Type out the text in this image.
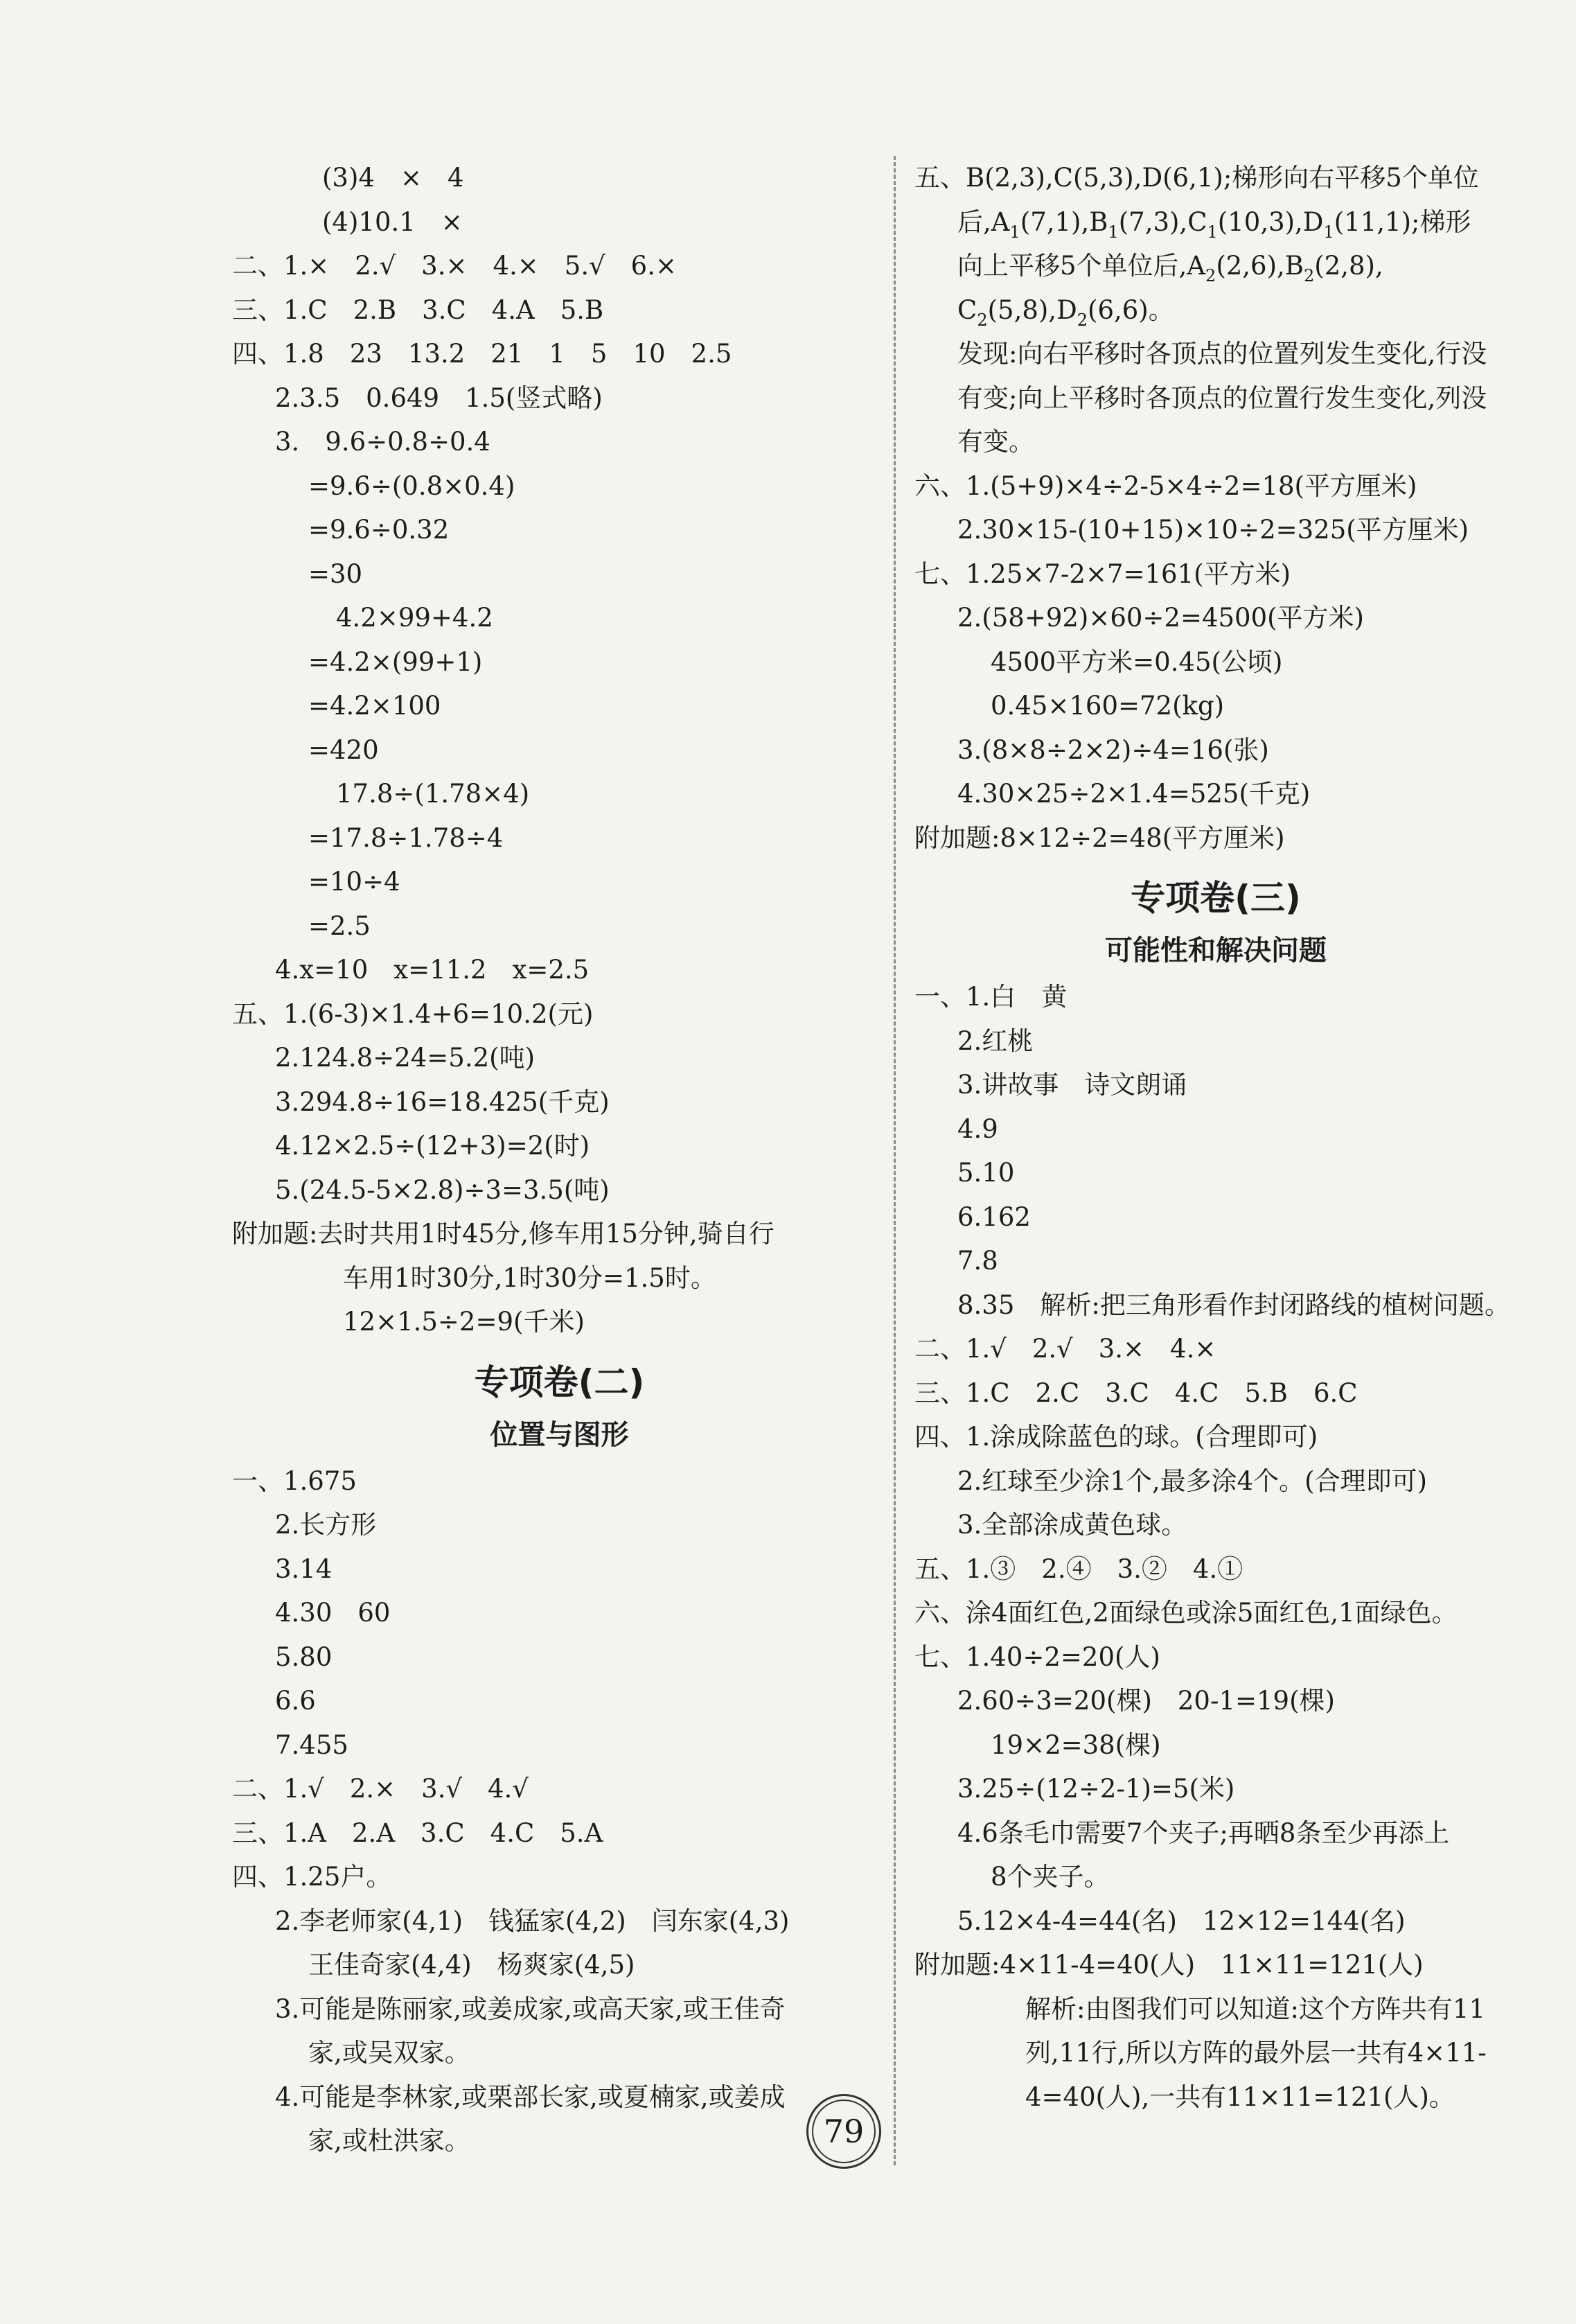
(3)4　×　4
(4)10.1　×
二、1.×　2.√　3.×　4.×　5.√　6.×
三、1.C　2.B　3.C　4.A　5.B
四、1.8　23　13.2　21　1　5　10　2.5
2.3.5　0.649　1.5(竖式略)
3.　9.6÷0.8÷0.4
=9.6÷(0.8×0.4)
=9.6÷0.32
=30
4.2×99+4.2
=4.2×(99+1)
=4.2×100
=420
17.8÷(1.78×4)
=17.8÷1.78÷4
=10÷4
=2.5
4.x=10　x=11.2　x=2.5
五、1.(6-3)×1.4+6=10.2(元)
2.124.8÷24=5.2(吨)
3.294.8÷16=18.425(千克)
4.12×2.5÷(12+3)=2(时)
5.(24.5-5×2.8)÷3=3.5(吨)
附加题:去时共用1时45分,修车用15分钟,骑自行
车用1时30分,1时30分=1.5时。
12×1.5÷2=9(千米)
专项卷(二)
位置与图形
一、1.675
2.长方形
3.14
4.30　60
5.80
6.6
7.455
二、1.√　2.×　3.√　4.√
三、1.A　2.A　3.C　4.C　5.A
四、1.25户。
2.李老师家(4,1)　钱猛家(4,2)　闫东家(4,3)
王佳奇家(4,4)　杨爽家(4,5)
3.可能是陈丽家,或姜成家,或高天家,或王佳奇
家,或吴双家。
4.可能是李林家,或栗部长家,或夏楠家,或姜成
家,或杜洪家。
五、B(2,3),C(5,3),D(6,1);梯形向右平移5个单位
后$,A_1(7,1),B_1(7,3),C_1(10,3),D_1(11,1)$;梯形
向上平移5个单位后$,A_2(2,6),B_2(2,8)$,
$C_2(5,8),D_2(6,6)$。
发现:向右平移时各顶点的位置列发生变化,行没
有变;向上平移时各顶点的位置行发生变化,列没
有变。
六、1.(5+9)×4÷2-5×4÷2=18(平方厘米)
2.30×15-(10+15)×10÷2=325(平方厘米)
七、1.25×7-2×7=161(平方米)
2.(58+92)×60÷2=4500(平方米)
4500平方米=0.45(公顷)
0.45×160=72(kg)
3.(8×8÷2×2)÷4=16(张)
4.30×25÷2×1.4=525(千克)
附加题:8×12÷2=48(平方厘米)
专项卷(三)
可能性和解决问题
一、1.白　黄
2.红桃
3.讲故事　诗文朗诵
4.9
5.10
6.162
7.8
8.35　解析:把三角形看作封闭路线的植树问题。
二、1.√　2.√　3.×　4.×
三、1.C　2.C　3.C　4.C　5.B　6.C
四、1.涂成除蓝色的球。(合理即可)
2.红球至少涂1个,最多涂4个。(合理即可)
3.全部涂成黄色球。
五、1.③　2.④　3.②　4.①
六、涂4面红色,2面绿色或涂5面红色,1面绿色。
七、1.40÷2=20(人)
2.60÷3=20(棵)　20-1=19(棵)
19×2=38(棵)
3.25÷(12÷2-1)=5(米)
4.6条毛巾需要7个夹子;再晒8条至少再添上
8个夹子。
5.12×4-4=44(名)　12×12=144(名)
附加题:4×11-4=40(人)　11×11=121(人)
解析:由图我们可以知道:这个方阵共有11
列,11行,所以方阵的最外层一共有4×11-
4=40(人),一共有11×11=121(人)。
79
